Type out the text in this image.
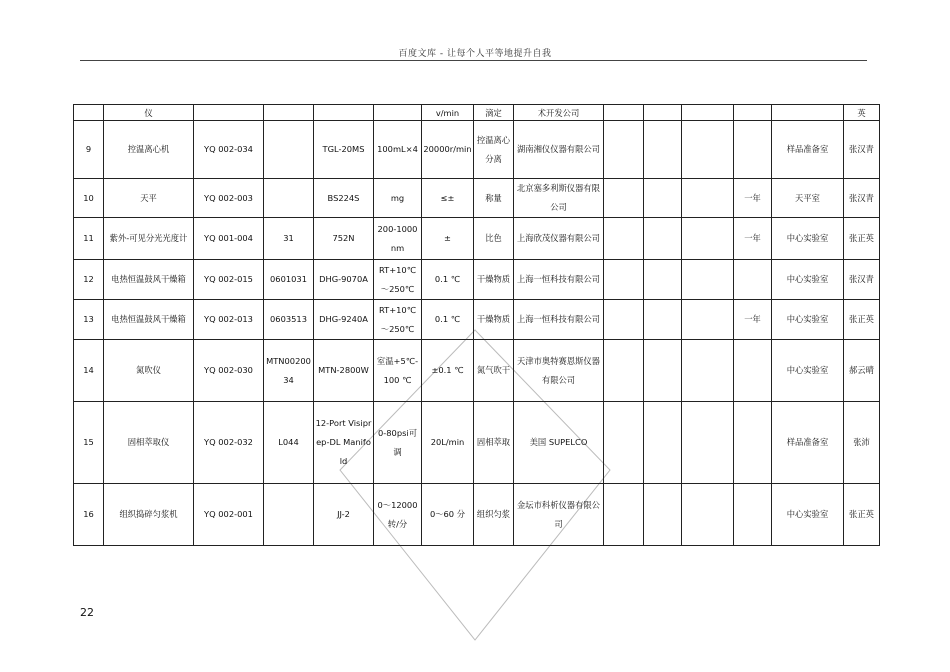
百度文库 - 让每个人平等地提升自我
	仪					v/min	滴定	术开发公司						英
9	控温离心机	YQ 002-034		TGL-20MS	100mL×4	20000r/min	控温离心分离	湖南湘仪仪器有限公司					样品准备室	张汉青
10	天平	YQ 002-003		BS224S	mg	≤±	称量	北京塞多利斯仪器有限公司				一年	天平室	张汉青
11	紫外-可见分光光度计	YQ 001-004	31	752N	200-1000nm	±	比色	上海欣茂仪器有限公司				一年	中心实验室	张正英
12	电热恒温鼓风干燥箱	YQ 002-015	0601031	DHG-9070A	RT+10℃～250℃	0.1 ℃	干燥物质	上海一恒科技有限公司					中心实验室	张汉青
13	电热恒温鼓风干燥箱	YQ 002-013	0603513	DHG-9240A	RT+10℃～250℃	0.1 ℃	干燥物质	上海一恒科技有限公司				一年	中心实验室	张正英
14	氮吹仪	YQ 002-030	MTN0020034	MTN-2800W	室温+5℃-100 ℃	±0.1 ℃	氮气吹干	天津市奥特赛恩斯仪器有限公司					中心实验室	郝云晴
15	固相萃取仪	YQ 002-032	L044	12-Port Visiprep-DL Manifold	0-80psi可调	20L/min	固相萃取	美国 SUPELCO					样品准备室	张沛
16	组织捣碎匀浆机	YQ 002-001		JJ-2	0～12000转/分	0～60 分	组织匀浆	金坛市科析仪器有限公司					中心实验室	张正英
22
